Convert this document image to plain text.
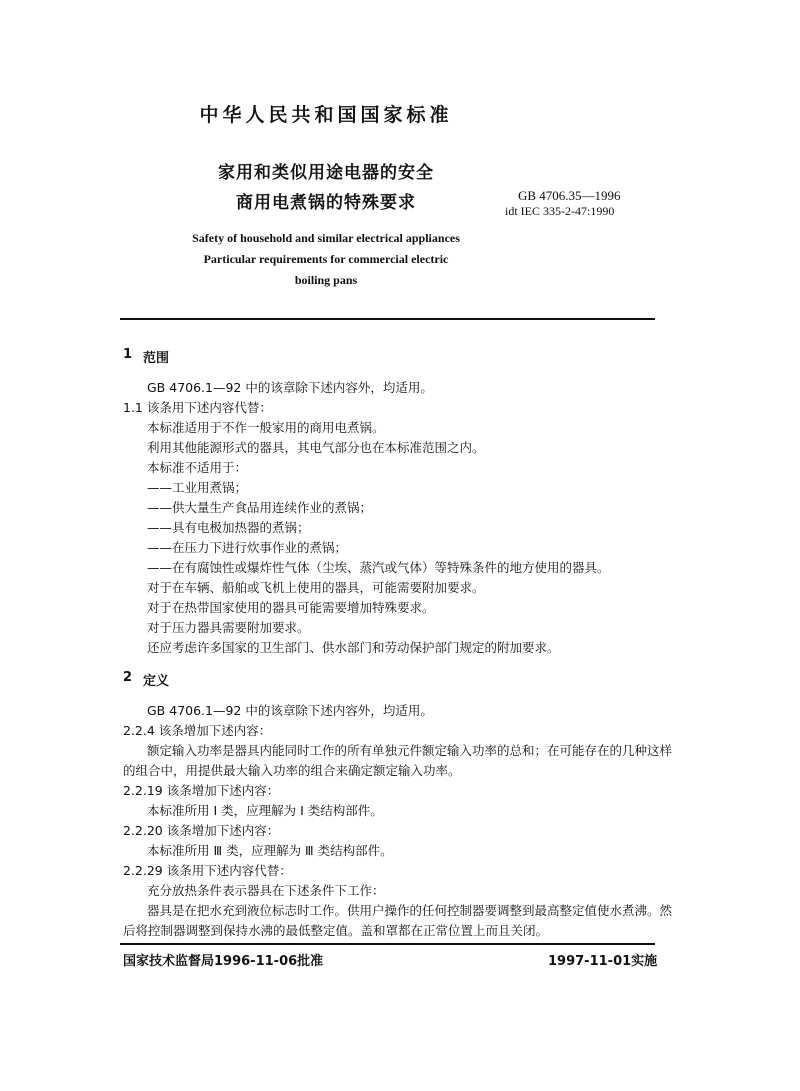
中华人民共和国国家标准
家用和类似用途电器的安全
商用电煮锅的特殊要求	GB 4706.35—1996
idt IEC 335-2-47:1990
Safety of household and similar electrical appliances
Particular requirements for commercial electric
boiling pans
1 范围
GB 4706.1—92 中的该章除下述内容外，均适用。
1.1 该条用下述内容代替：
本标准适用于不作一般家用的商用电煮锅。
利用其他能源形式的器具，其电气部分也在本标准范围之内。
本标准不适用于：
——工业用煮锅；
——供大量生产食品用连续作业的煮锅；
——具有电极加热器的煮锅；
——在压力下进行炊事作业的煮锅；
——在有腐蚀性或爆炸性气体（尘埃、蒸汽或气体）等特殊条件的地方使用的器具。
对于在车辆、船舶或飞机上使用的器具，可能需要附加要求。
对于在热带国家使用的器具可能需要增加特殊要求。
对于压力器具需要附加要求。
还应考虑许多国家的卫生部门、供水部门和劳动保护部门规定的附加要求。
2 定义
GB 4706.1—92 中的该章除下述内容外，均适用。
2.2.4 该条增加下述内容：
额定输入功率是器具内能同时工作的所有单独元件额定输入功率的总和；在可能存在的几种这样
的组合中，用提供最大输入功率的组合来确定额定输入功率。
2.2.19 该条增加下述内容：
本标准所用 Ⅰ 类，应理解为 Ⅰ 类结构部件。
2.2.20 该条增加下述内容：
本标准所用 Ⅲ 类，应理解为 Ⅲ 类结构部件。
2.2.29 该条用下述内容代替：
充分放热条件表示器具在下述条件下工作：
器具是在把水充到液位标志时工作。供用户操作的任何控制器要调整到最高整定值使水煮沸。然
后将控制器调整到保持水沸的最低整定值。盖和罩都在正常位置上而且关闭。
国家技术监督局1996-11-06批准	1997-11-01实施
